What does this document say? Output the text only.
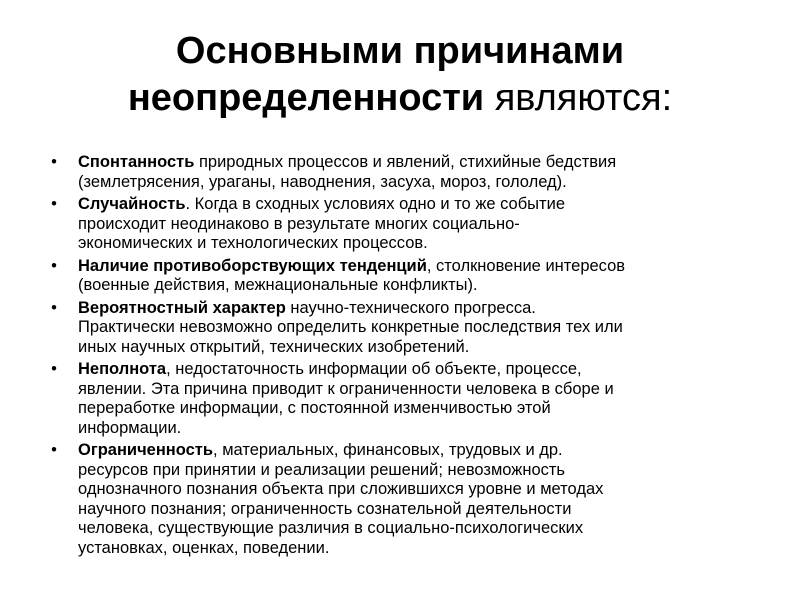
Основными причинами
неопределенности являются:
• Спонтанность природных процессов и явлений, стихийные бедствия
(землетрясения, ураганы, наводнения, засуха, мороз, гололед).
• Случайность. Когда в сходных условиях одно и то же событие
происходит неодинаково в результате многих социально-
экономических и технологических процессов.
• Наличие противоборствующих тенденций, столкновение интересов
(военные действия, межнациональные конфликты).
• Вероятностный характер научно-технического прогресса.
Практически невозможно определить конкретные последствия тех или
иных научных открытий, технических изобретений.
• Неполнота, недостаточность информации об объекте, процессе,
явлении. Эта причина приводит к ограниченности человека в сборе и
переработке информации, с постоянной изменчивостью этой
информации.
• Ограниченность, материальных, финансовых, трудовых и др.
ресурсов при принятии и реализации решений; невозможность
однозначного познания объекта при сложившихся уровне и методах
научного познания; ограниченность сознательной деятельности
человека, существующие различия в социально-психологических
установках, оценках, поведении.
